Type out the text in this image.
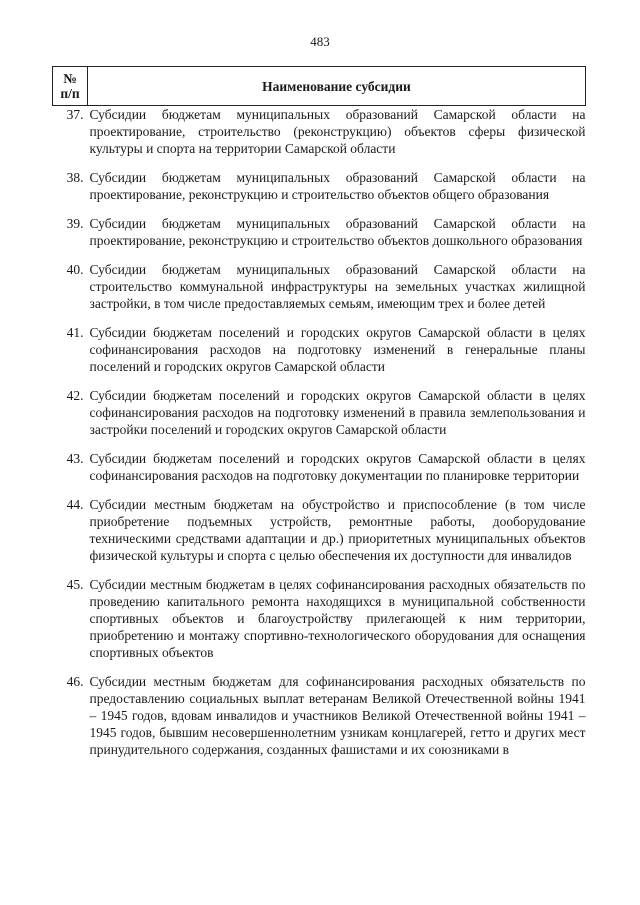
483
№
п/п	Наименование субсидии
37.	Субсидии бюджетам муниципальных образований Самарской области на проектирование, строительство (реконструкцию) объектов сферы физической культуры и спорта на территории Самарской области
38.	Субсидии бюджетам муниципальных образований Самарской области на проектирование, реконструкцию и строительство объектов общего образования
39.	Субсидии бюджетам муниципальных образований Самарской области на проектирование, реконструкцию и строительство объектов дошкольного образования
40.	Субсидии бюджетам муниципальных образований Самарской области на строительство коммунальной инфраструктуры на земельных участках жилищной застройки, в том числе предоставляемых семьям, имеющим трех и более детей
41.	Субсидии бюджетам поселений и городских округов Самарской области в целях софинансирования расходов на подготовку изменений в генеральные планы поселений и городских округов Самарской области
42.	Субсидии бюджетам поселений и городских округов Самарской области в целях софинансирования расходов на подготовку изменений в правила землепользования и застройки поселений и городских округов Самарской области
43.	Субсидии бюджетам поселений и городских округов Самарской области в целях софинансирования расходов на подготовку документации по планировке территории
44.	Субсидии местным бюджетам на обустройство и приспособление (в том числе приобретение подъемных устройств, ремонтные работы, дооборудование техническими средствами адаптации и др.) приоритетных муниципальных объектов физической культуры и спорта с целью обеспечения их доступности для инвалидов
45.	Субсидии местным бюджетам в целях софинансирования расходных обязательств по проведению капитального ремонта находящихся в муниципальной собственности спортивных объектов и благоустройству прилегающей к ним территории, приобретению и монтажу спортивно-технологического оборудования для оснащения спортивных объектов
46.	Субсидии местным бюджетам для софинансирования расходных обязательств по предоставлению социальных выплат ветеранам Великой Отечественной войны 1941 – 1945 годов, вдовам инвалидов и участников Великой Отечественной войны 1941 – 1945 годов, бывшим несовершеннолетним узникам концлагерей, гетто и других мест принудительного содержания, созданных фашистами и их союзниками в
